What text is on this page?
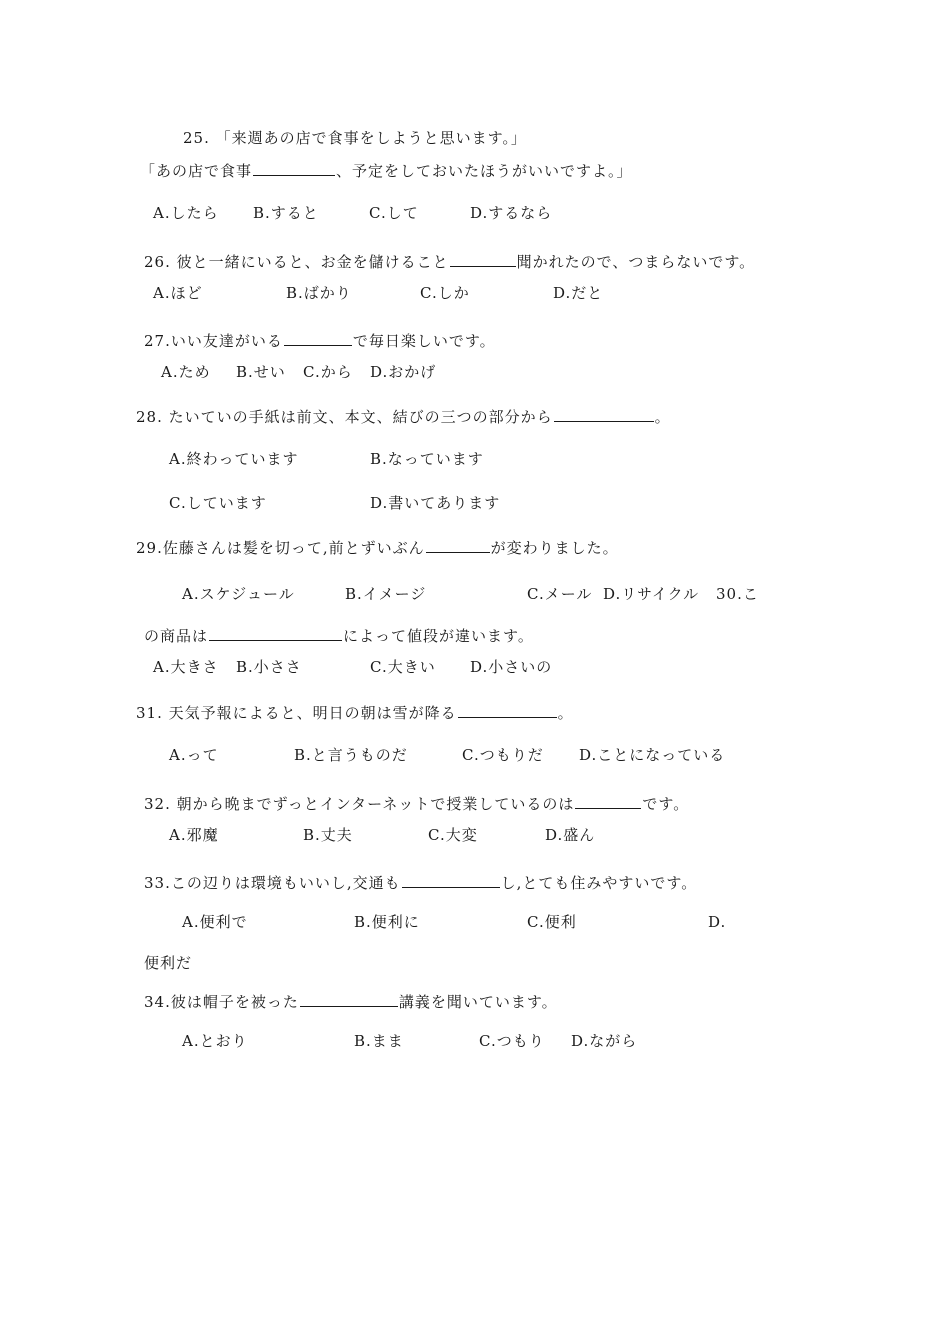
25. 「来週あの店で食事をしようと思います。」
「あの店で食事	、予定をしておいたほうがいいですよ。」
A.したら B.すると	C.して	D.するなら
26. 彼と一緒にいると、お金を儲けること	聞かれたので、つまらないです。
A.ほど	B.ばかり	C.しか	D.だと
27.いい友達がいる	で毎日楽しいです。
A.ため B.せい C.から D.おかげ
28. たいていの手紙は前文、本文、結びの三つの部分から	。
A.終わっています	B.なっています
C.しています	D.書いてあります
29.佐藤さんは髪を切って,前とずいぶん	が変わりました。
A.スケジュール	B.イメージ	C.メール D.リサイクル 30.こ
の商品は	によって値段が違います。
A.大きさ B.小ささ	C.大きい D.小さいの
31. 天気予報によると、明日の朝は雪が降る	。
A.って	B.と言うものだ	C.つもりだ D.ことになっている
32. 朝から晩までずっとインターネットで授業しているのは	です。
A.邪魔	B.丈夫	C.大変	D.盛ん
33.この辺りは環境もいいし,交通も	し,とても住みやすいです。
A.便利で	B.便利に	C.便利	D.
便利だ
34.彼は帽子を被った	講義を聞いています。
A.とおり	B.まま	C.つもり D.ながら
